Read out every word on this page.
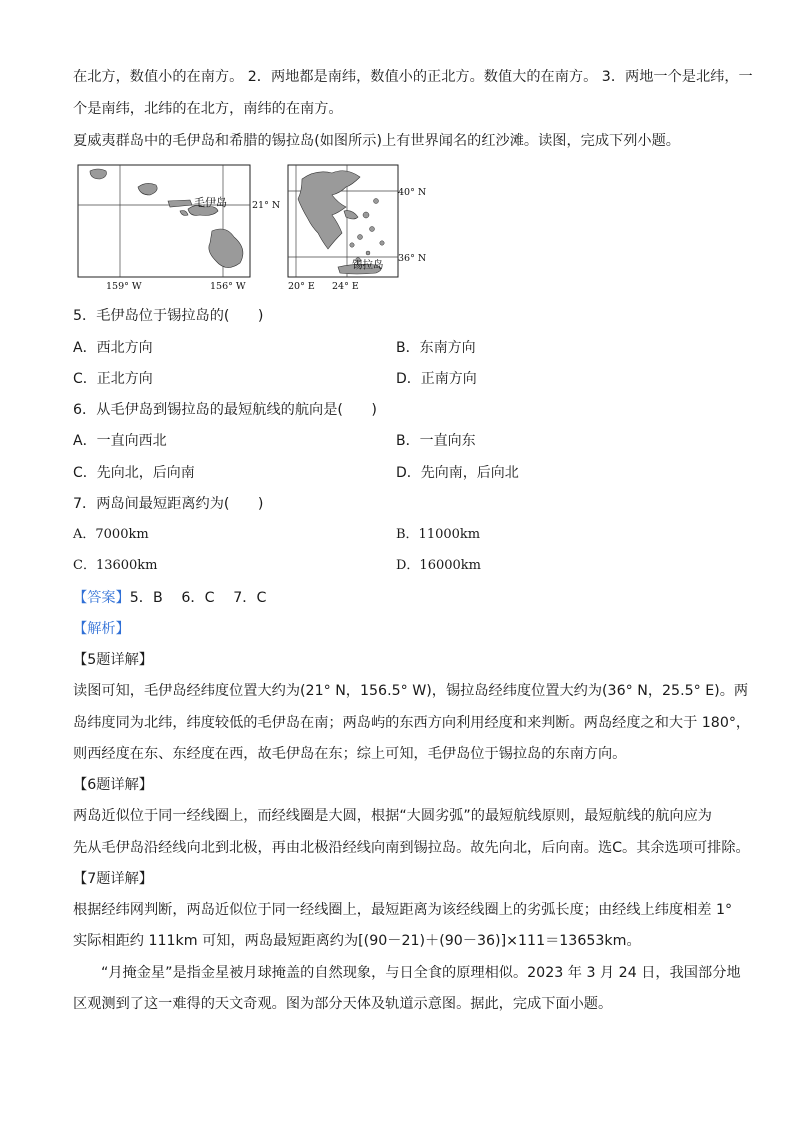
在北方，数值小的在南方。 2．两地都是南纬，数值小的正北方。数值大的在南方。 3．两地一个是北纬，一
个是南纬，北纬的在北方，南纬的在南方。
夏威夷群岛中的毛伊岛和希腊的锡拉岛(如图所示)上有世界闻名的红沙滩。读图，完成下列小题。
毛伊岛	21° N
159° W	156° W
40° N
36° N
锡拉岛
20° E 24° E
5．毛伊岛位于锡拉岛的(　　)
A．西北方向	B．东南方向
C．正北方向	D．正南方向
6．从毛伊岛到锡拉岛的最短航线的航向是(　　)
A．一直向西北	B．一直向东
C．先向北，后向南	D．先向南，后向北
7．两岛间最短距离约为(　　)
A．7000km	B．11000km
C．13600km	D．16000km
【答案】5．B　 6．C　 7．C
【解析】
【5题详解】
读图可知，毛伊岛经纬度位置大约为(21° N，156.5° W)，锡拉岛经纬度位置大约为(36° N，25.5° E)。两
岛纬度同为北纬，纬度较低的毛伊岛在南；两岛屿的东西方向利用经度和来判断。两岛经度之和大于 180°，
则西经度在东、东经度在西，故毛伊岛在东；综上可知，毛伊岛位于锡拉岛的东南方向。
【6题详解】
两岛近似位于同一经线圈上，而经线圈是大圆，根据“大圆劣弧”的最短航线原则，最短航线的航向应为
先从毛伊岛沿经线向北到北极，再由北极沿经线向南到锡拉岛。故先向北，后向南。选C。其余选项可排除。
【7题详解】
根据经纬网判断，两岛近似位于同一经线圈上，最短距离为该经线圈上的劣弧长度；由经线上纬度相差 1°
实际相距约 111km 可知，两岛最短距离约为[(90－21)＋(90－36)]×111＝13653km。
“月掩金星”是指金星被月球掩盖的自然现象，与日全食的原理相似。2023 年 3 月 24 日，我国部分地
区观测到了这一难得的天文奇观。图为部分天体及轨道示意图。据此，完成下面小题。
